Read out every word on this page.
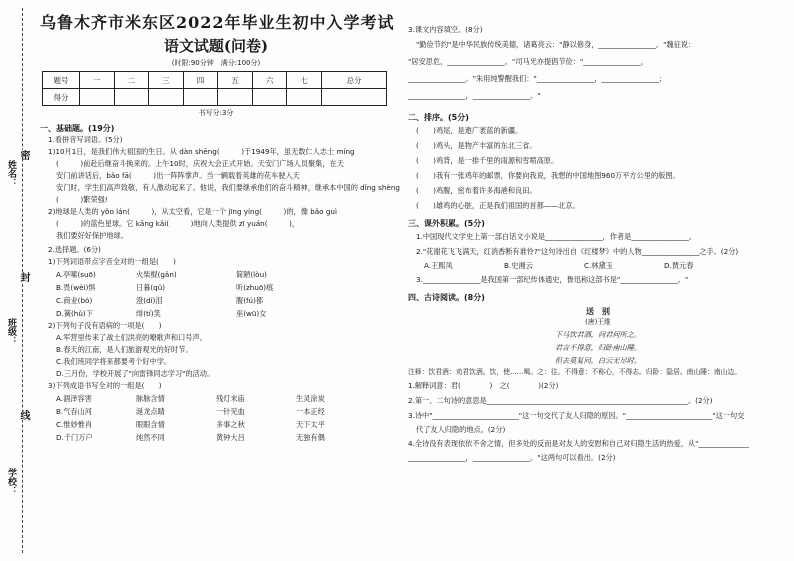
姓名：
班级：
学校：
密
封
线
乌鲁木齐市米东区2022年毕业生初中入学考试
语文试题(问卷)
(时限:90分钟　满分:100分)
题号	一	二	三	四	五	六	七	总分
得分								
书写分:3分
一、基础题。(19分)
1.看拼音写词语。(5分)
1)10月1日，是我们伟大祖国的生日。从 dàn shēng(　　　)于1949年，虽无数仁人志士 míng
(　　　)前赴后继奋斗换来的。上午10时，庆祝大会正式开始。天安门广场人员聚集，在天
安门前讲话后，bǎo fā(　　　)出一阵阵掌声。当一辆载着英雄的花车驶入天
安门时，学生们高声致敬，有人激动起来了。他说，我们要继承他们的奋斗精神，继承本中国的 dǐng shèng
(　　　)繁荣强!
2)地球是人类的 yǒo lán(　　　)，从太空看，它是一个 jīng yíng(　　　)的，像 bǎo guì
(　　　)的蓝色星球。它 kāng kǎi(　　　)地向人类提供 zī yuán(　　　)，
我们要好好保护地球。
2.选择题。(6分)
1)下列词语带点字音全对的一组是(　　)
A.亭嗦(suō)	火柴棍(gǎn)	简陋(lòu)
B.畏(wèi)惧	日暮(qǔ)	听(zhuō)痕
C.商业(bó)	澄(dí)泪	腹(fú)都
D.簧(hǔ)下	绯(tí)笑	巫(wū)女
2)下列句子没有语病的一项是(　　)
A.军营里传来了战士们洪亮的嘹歌声和口号声。
B.春天的江南，是人们旅游观光的好时节。
C.我们班同学将来都要考个好中学。
D.三月份，学校开展了"向雷锋同志学习"的活动。
3)下列成语书写全对的一组是(　　)
A.涸泽容害	脉脉含情	残灯末庙	生灵涂炭
B.气吞山河	涎龙点睛	一针见血	一本正经
C.惟妙惟肖	眼眼含情	多事之秋	天下太平
D.千门万户	纯然不同	黄钟大吕	无独有偶
3.课文内容填空。(8分)
"勤俭节约"是中华民族传统美德，诸葛亮云："静以修身，________________。"魏征说：
"居安思危，________________。"司马光亦提倡节俭："________________，
________________。"朱用纯警醒我们："________________，________________；
________________，________________。"
二、排序。(5分)
(　　)鸡尾，是遨广袤蓝的新疆。
(　　)鸡头，是物产丰富的东北三省。
(　　)鸡背，是一排千里的雨源和雪喷高原。
(　　)我有一张鸡年的邮票，你要向我说，我想的中国地图960万平方公里的版图。
(　　)鸡腹，密布着许多海港和良田。
(　　)雄鸡的心脏，正是我们祖国的首都——北京。
三、课外积累。(5分)
1.中国现代文学史上第一部白话文小说是________________，作者是________________。
2."花谢花飞飞满天，红消香断有谁怜?"这句诗出自《红楼梦》中的人物________________之手。(2分)
A.王熙凤	B.史湘云	C.林黛玉	D.贾元春
3.________________是我国第一部纪传体通史，鲁迅称这部书是"________________。"
四、古诗阅读。(8分)
送　别
(唐)王维
下马饮君酒，问君何所之。
君言不得意，归卧南山陲。
但去莫复问，白云无尽时。
注释：饮君酒：劝君饮酒。饮，使……喝。之：往。不得意：不称心，不得志。归卧：隐居。南山陲：南山边。
1.解释词意：君(　　　　)　之(　　　　)(2分)
2.第一、二句诗的意思是________________________________________________________。(2分)
3.诗中"________________________"这一句交代了友人归隐的原因。"________________________"这一句交
代了友人归隐的地点。(2分)
4.全诗没有表现依依不舍之情，但多处的反而是对友人的安慰和自己对归隐生活的热爱，从"______________
________________，________________。"这两句可以看出。(2分)
